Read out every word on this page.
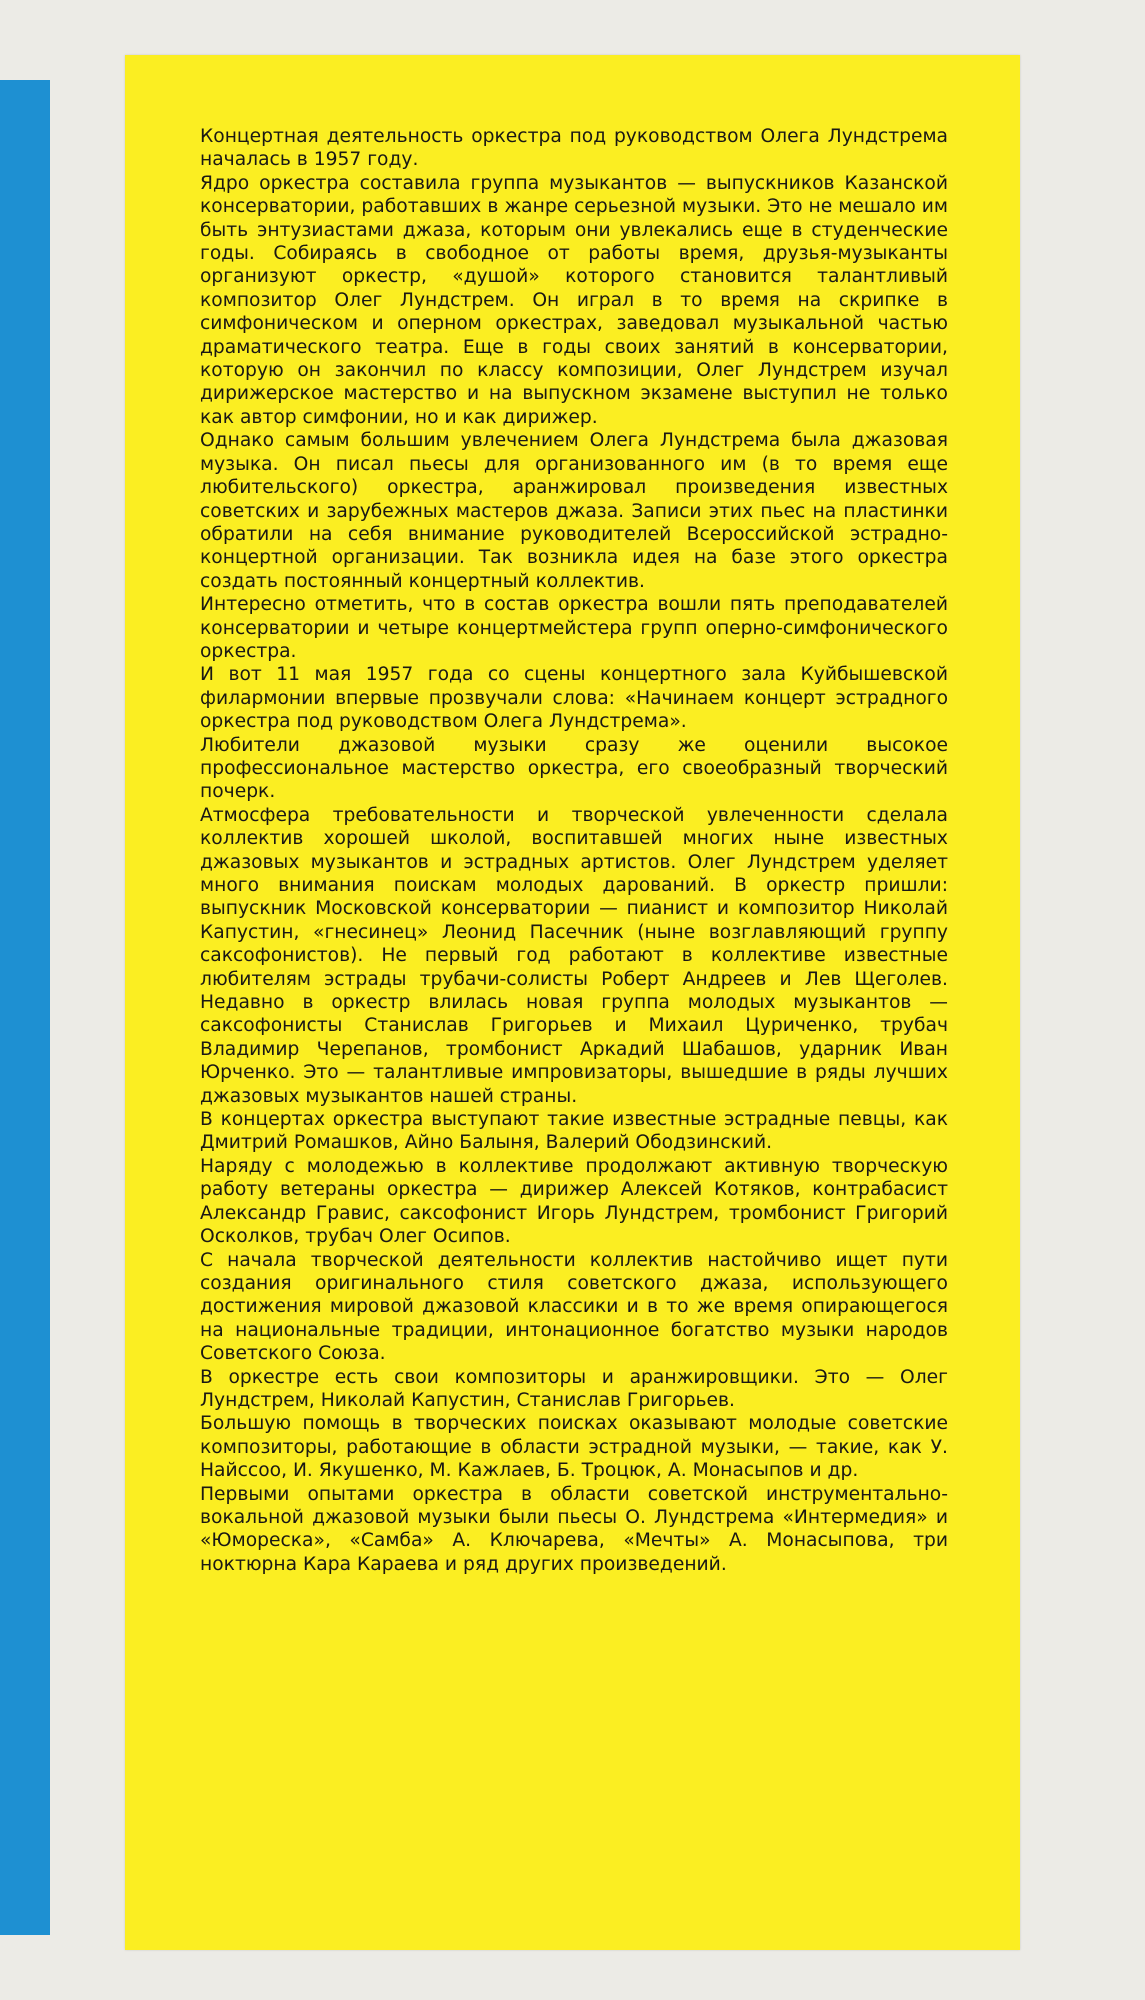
Концертная деятельность оркестра под руководством Олега Лундстрема началась в 1957 году.

Ядро оркестра составила группа музыкантов — выпускников Казанской консерватории, работавших в жанре серьезной музыки. Это не мешало им быть энтузиастами джаза, которым они увлекались еще в студенческие годы. Собираясь в свободное от работы время, друзья-музыканты организуют оркестр, «душой» которого становится талантливый композитор Олег Лундстрем. Он играл в то время на скрипке в симфоническом и оперном оркестрах, заведовал музыкальной частью драматического театра. Еще в годы своих занятий в консерватории, которую он закончил по классу композиции, Олег Лундстрем изучал дирижерское мастерство и на выпускном экзамене выступил не только как автор симфонии, но и как дирижер.

Однако самым большим увлечением Олега Лундстрема была джазовая музыка. Он писал пьесы для организованного им (в то время еще любительского) оркестра, аранжировал произведения известных советских и зарубежных мастеров джаза. Записи этих пьес на пластинки обратили на себя внимание руководителей Всероссийской эстрадно-концертной организации. Так возникла идея на базе этого оркестра создать постоянный концертный коллектив.

Интересно отметить, что в состав оркестра вошли пять преподавателей консерватории и четыре концертмейстера групп оперно-симфонического оркестра.

И вот 11 мая 1957 года со сцены концертного зала Куйбышевской филармонии впервые прозвучали слова: «Начинаем концерт эстрадного оркестра под руководством Олега Лундстрема».

Любители джазовой музыки сразу же оценили высокое профессиональное мастерство оркестра, его своеобразный творческий почерк.

Атмосфера требовательности и творческой увлеченности сделала коллектив хорошей школой, воспитавшей многих ныне известных джазовых музыкантов и эстрадных артистов. Олег Лундстрем уделяет много внимания поискам молодых дарований. В оркестр пришли: выпускник Московской консерватории — пианист и композитор Николай Капустин, «гнесинец» Леонид Пасечник (ныне возглавляющий группу саксофонистов). Не первый год работают в коллективе известные любителям эстрады трубачи-солисты Роберт Андреев и Лев Щеголев. Недавно в оркестр влилась новая группа молодых музыкантов — саксофонисты Станислав Григорьев и Михаил Цуриченко, трубач Владимир Черепанов, тромбонист Аркадий Шабашов, ударник Иван Юрченко. Это — талантливые импровизаторы, вышедшие в ряды лучших джазовых музыкантов нашей страны.

В концертах оркестра выступают такие известные эстрадные певцы, как Дмитрий Ромашков, Айно Балыня, Валерий Ободзинский.

Наряду с молодежью в коллективе продолжают активную творческую работу ветераны оркестра — дирижер Алексей Котяков, контрабасист Александр Гравис, саксофонист Игорь Лундстрем, тромбонист Григорий Осколков, трубач Олег Осипов.

С начала творческой деятельности коллектив настойчиво ищет пути создания оригинального стиля советского джаза, использующего достижения мировой джазовой классики и в то же время опирающегося на национальные традиции, интонационное богатство музыки народов Советского Союза.

В оркестре есть свои композиторы и аранжировщики. Это — Олег Лундстрем, Николай Капустин, Станислав Григорьев.

Большую помощь в творческих поисках оказывают молодые советские композиторы, работающие в области эстрадной музыки, — такие, как У. Найссоо, И. Якушенко, М. Кажлаев, Б. Троцюк, А. Монасыпов и др.

Первыми опытами оркестра в области советской инструментально-вокальной джазовой музыки были пьесы О. Лундстрема «Интермедия» и «Юмореска», «Самба» А. Ключарева, «Мечты» А. Монасыпова, три ноктюрна Кара Караева и ряд других произведений.
